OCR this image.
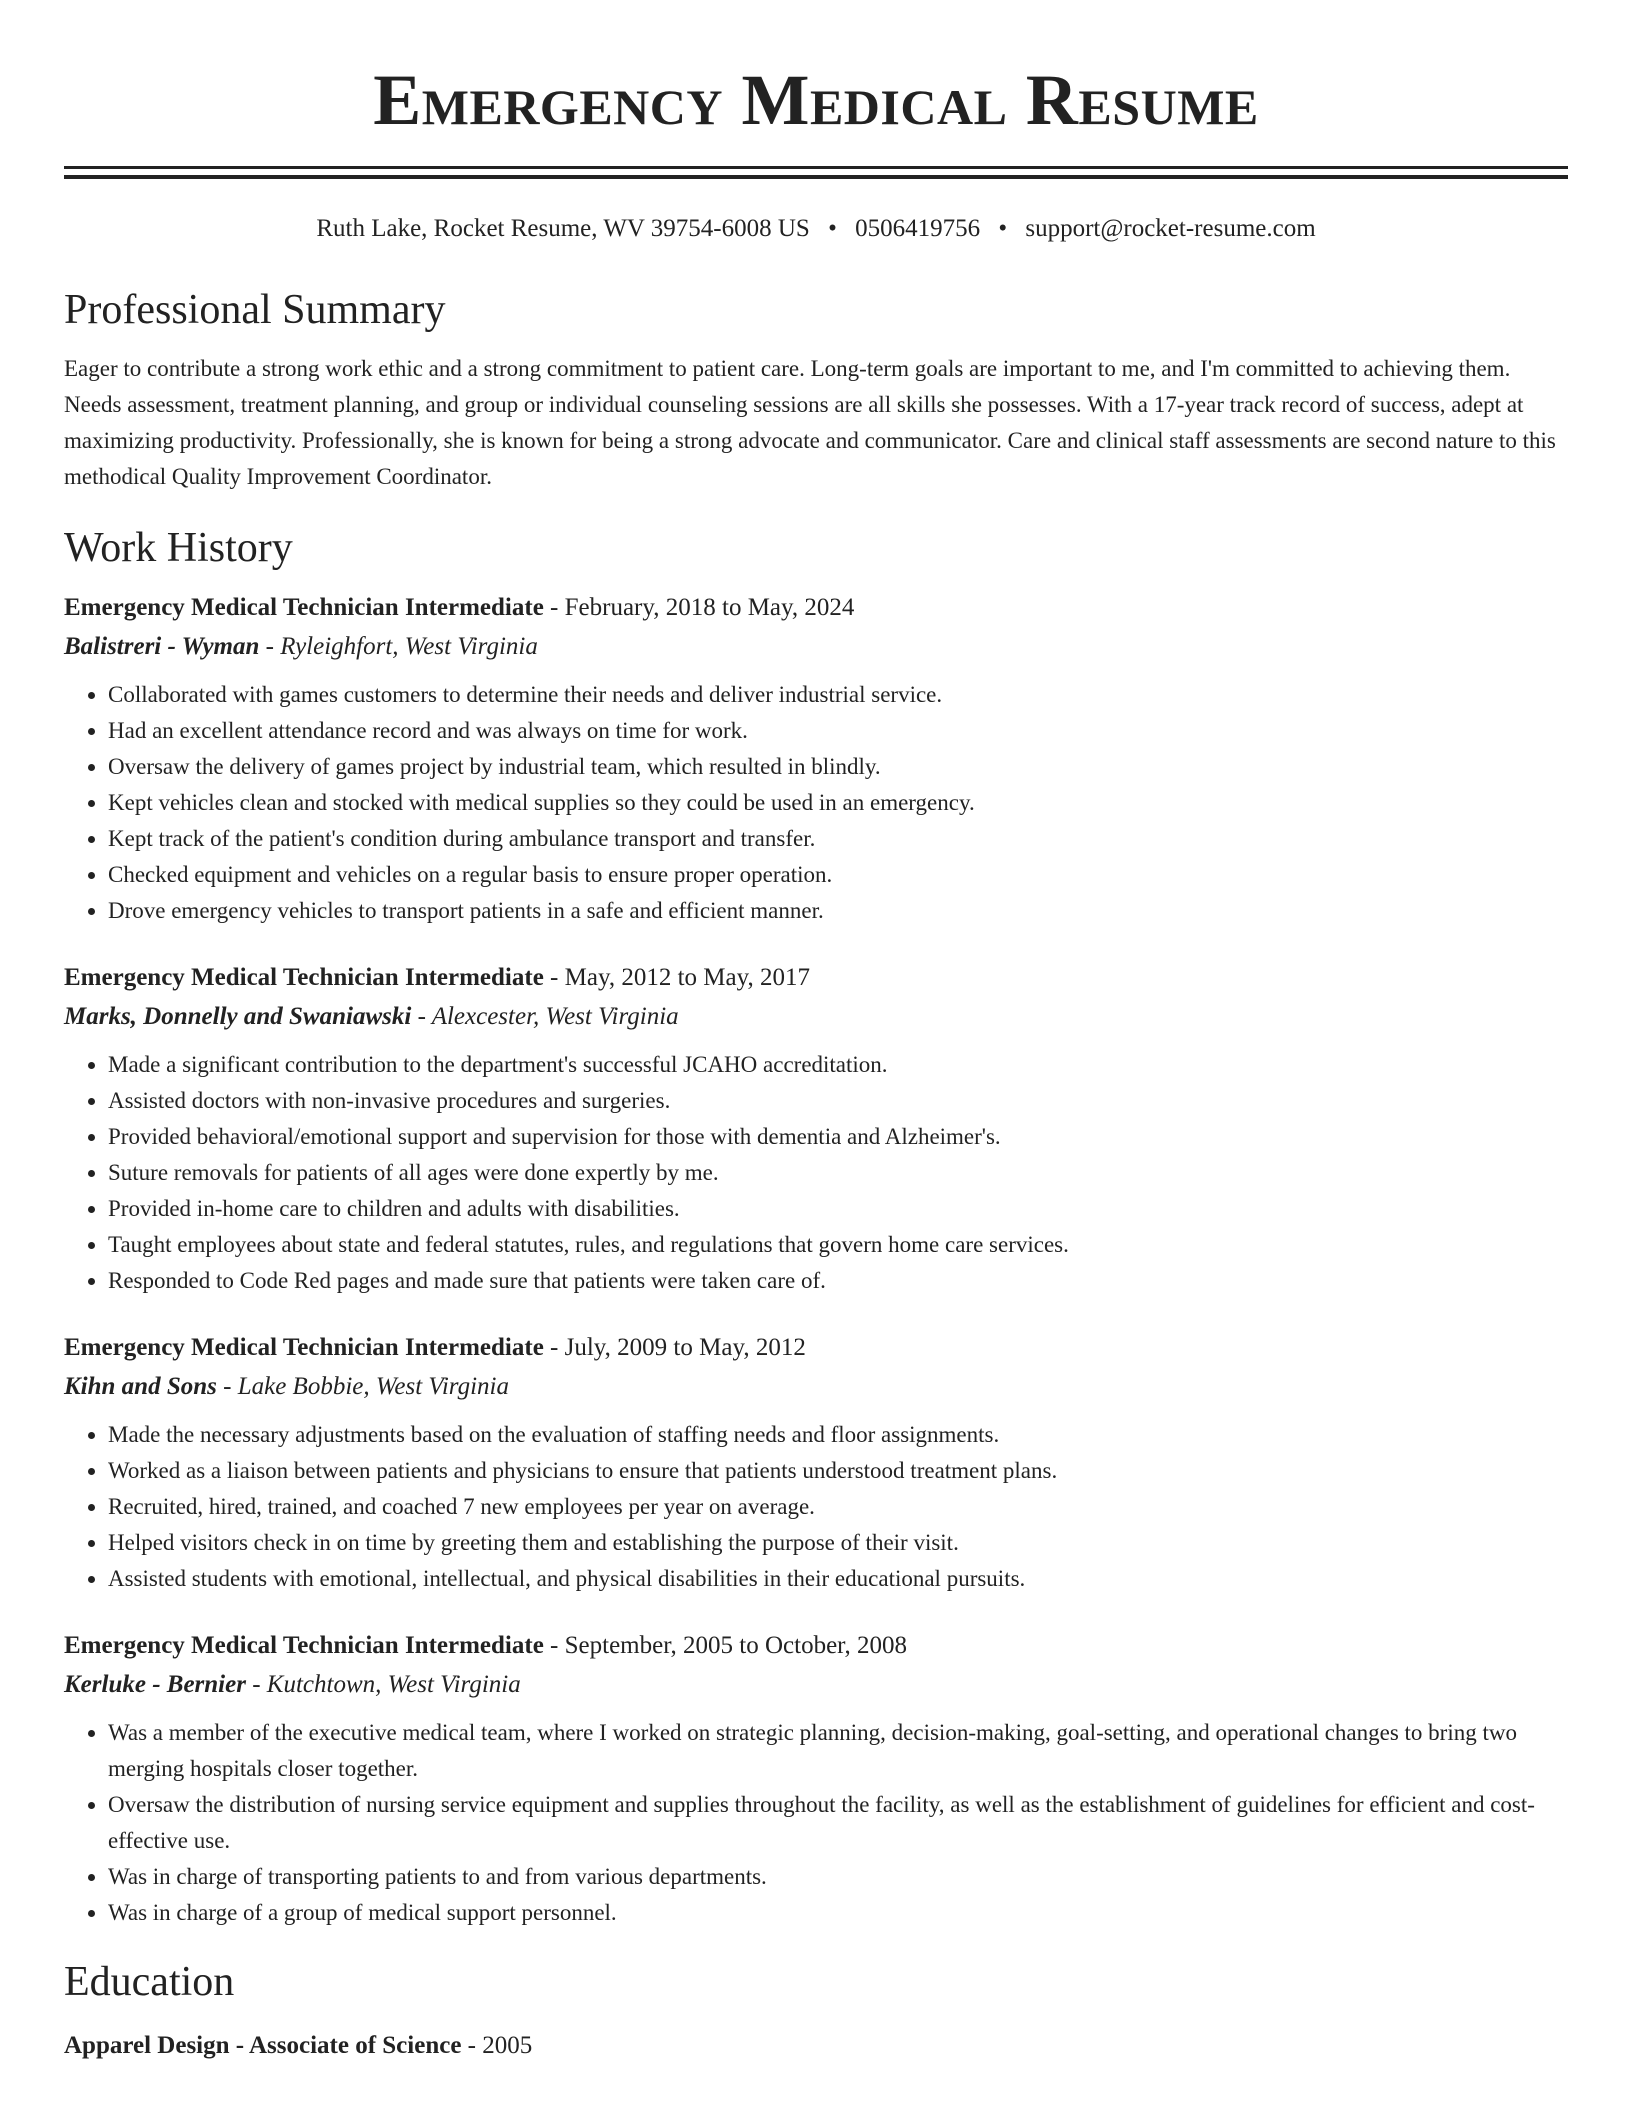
Emergency Medical Resume
Ruth Lake, Rocket Resume, WV 39754-6008 US • 0506419756 • support@rocket-resume.com
Professional Summary
Eager to contribute a strong work ethic and a strong commitment to patient care. Long-term goals are important to me, and I'm committed to achieving them. Needs assessment, treatment planning, and group or individual counseling sessions are all skills she possesses. With a 17-year track record of success, adept at maximizing productivity. Professionally, she is known for being a strong advocate and communicator. Care and clinical staff assessments are second nature to this methodical Quality Improvement Coordinator.
Work History
Emergency Medical Technician Intermediate - February, 2018 to May, 2024
Balistreri - Wyman - Ryleighfort, West Virginia
• Collaborated with games customers to determine their needs and deliver industrial service.
• Had an excellent attendance record and was always on time for work.
• Oversaw the delivery of games project by industrial team, which resulted in blindly.
• Kept vehicles clean and stocked with medical supplies so they could be used in an emergency.
• Kept track of the patient's condition during ambulance transport and transfer.
• Checked equipment and vehicles on a regular basis to ensure proper operation.
• Drove emergency vehicles to transport patients in a safe and efficient manner.
Emergency Medical Technician Intermediate - May, 2012 to May, 2017
Marks, Donnelly and Swaniawski - Alexcester, West Virginia
• Made a significant contribution to the department's successful JCAHO accreditation.
• Assisted doctors with non-invasive procedures and surgeries.
• Provided behavioral/emotional support and supervision for those with dementia and Alzheimer's.
• Suture removals for patients of all ages were done expertly by me.
• Provided in-home care to children and adults with disabilities.
• Taught employees about state and federal statutes, rules, and regulations that govern home care services.
• Responded to Code Red pages and made sure that patients were taken care of.
Emergency Medical Technician Intermediate - July, 2009 to May, 2012
Kihn and Sons - Lake Bobbie, West Virginia
• Made the necessary adjustments based on the evaluation of staffing needs and floor assignments.
• Worked as a liaison between patients and physicians to ensure that patients understood treatment plans.
• Recruited, hired, trained, and coached 7 new employees per year on average.
• Helped visitors check in on time by greeting them and establishing the purpose of their visit.
• Assisted students with emotional, intellectual, and physical disabilities in their educational pursuits.
Emergency Medical Technician Intermediate - September, 2005 to October, 2008
Kerluke - Bernier - Kutchtown, West Virginia
• Was a member of the executive medical team, where I worked on strategic planning, decision-making, goal-setting, and operational changes to bring two merging hospitals closer together.
• Oversaw the distribution of nursing service equipment and supplies throughout the facility, as well as the establishment of guidelines for efficient and cost-effective use.
• Was in charge of transporting patients to and from various departments.
• Was in charge of a group of medical support personnel.
Education
Apparel Design - Associate of Science - 2005
